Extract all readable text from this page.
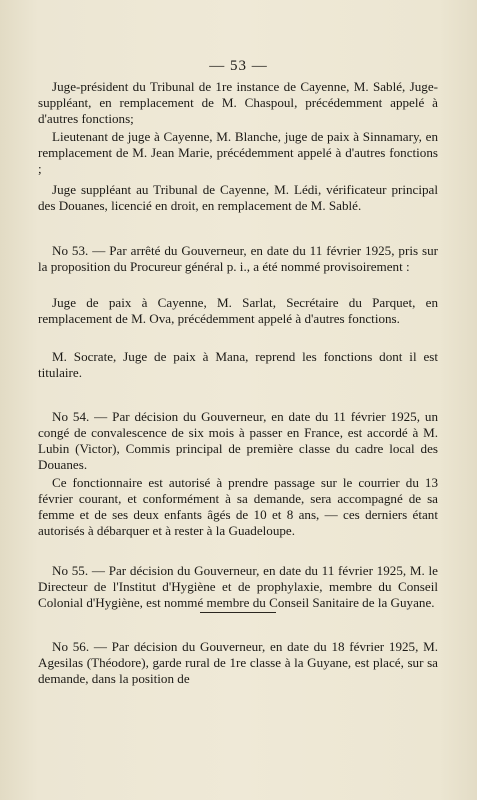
— 53 —

Juge-président du Tribunal de 1re instance de Cayenne, M. Sablé, Juge-suppléant, en remplacement de M. Chaspoul, précédemment appelé à d'autres fonctions;

Lieutenant de juge à Cayenne, M. Blanche, juge de paix à Sinnamary, en remplacement de M. Jean Marie, précédemment appelé à d'autres fonctions ;

Juge suppléant au Tribunal de Cayenne, M. Lédi, vérificateur principal des Douanes, licencié en droit, en remplacement de M. Sablé.

No 53. — Par arrêté du Gouverneur, en date du 11 février 1925, pris sur la proposition du Procureur général p. i., a été nommé provisoirement :

Juge de paix à Cayenne, M. Sarlat, Secrétaire du Parquet, en remplacement de M. Ova, précédemment appelé à d'autres fonctions.

M. Socrate, Juge de paix à Mana, reprend les fonctions dont il est titulaire.

No 54. — Par décision du Gouverneur, en date du 11 février 1925, un congé de convalescence de six mois à passer en France, est accordé à M. Lubin (Victor), Commis principal de première classe du cadre local des Douanes.

Ce fonctionnaire est autorisé à prendre passage sur le courrier du 13 février courant, et conformément à sa demande, sera accompagné de sa femme et de ses deux enfants âgés de 10 et 8 ans, — ces derniers étant autorisés à débarquer et à rester à la Guadeloupe.

No 55. — Par décision du Gouverneur, en date du 11 février 1925, M. le Directeur de l'Institut d'Hygiène et de prophylaxie, membre du Conseil Colonial d'Hygiène, est nommé membre du Conseil Sanitaire de la Guyane.

No 56. — Par décision du Gouverneur, en date du 18 février 1925, M. Agesilas (Théodore), garde rural de 1re classe à la Guyane, est placé, sur sa demande, dans la position de
